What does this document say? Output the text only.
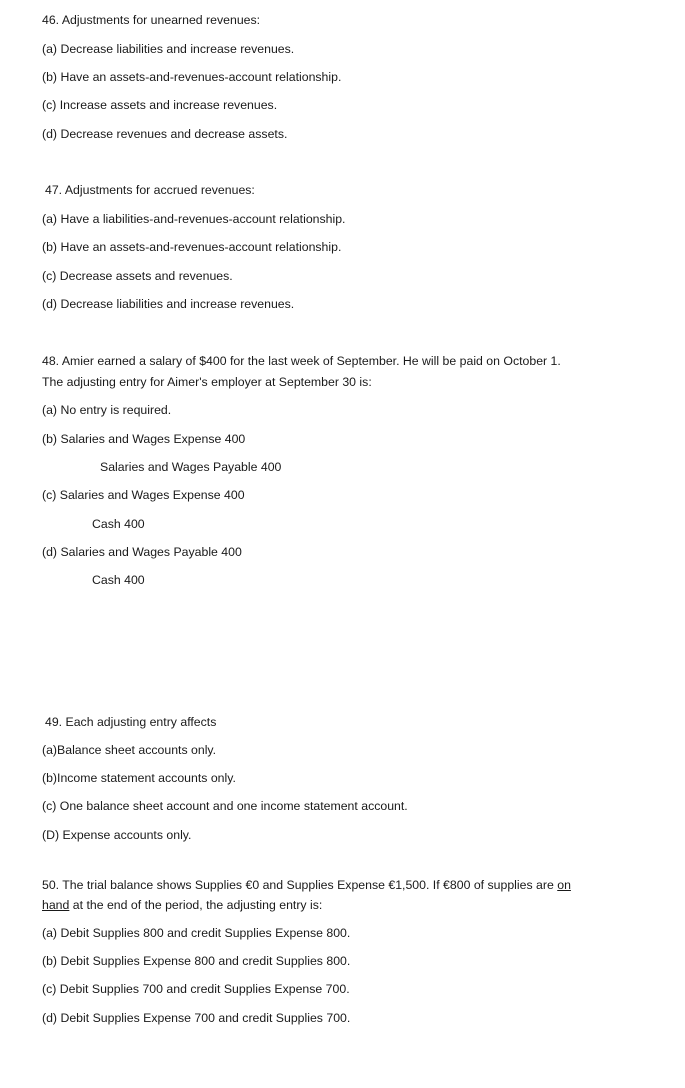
46. Adjustments for unearned revenues:
(a) Decrease liabilities and increase revenues.
(b) Have an assets-and-revenues-account relationship.
(c) Increase assets and increase revenues.
(d) Decrease revenues and decrease assets.
47. Adjustments for accrued revenues:
(a) Have a liabilities-and-revenues-account relationship.
(b) Have an assets-and-revenues-account relationship.
(c) Decrease assets and revenues.
(d) Decrease liabilities and increase revenues.
48. Amier earned a salary of $400 for the last week of September. He will be paid on October 1.
The adjusting entry for Aimer's employer at September 30 is:
(a) No entry is required.
(b) Salaries and Wages Expense 400
Salaries and Wages Payable 400
(c) Salaries and Wages Expense 400
Cash 400
(d) Salaries and Wages Payable 400
Cash 400
49. Each adjusting entry affects
(a)Balance sheet accounts only.
(b)Income statement accounts only.
(c) One balance sheet account and one income statement account.
(D) Expense accounts only.
50. The trial balance shows Supplies €0 and Supplies Expense €1,500. If €800 of supplies are on
hand at the end of the period, the adjusting entry is:
(a) Debit Supplies 800 and credit Supplies Expense 800.
(b) Debit Supplies Expense 800 and credit Supplies 800.
(c) Debit Supplies 700 and credit Supplies Expense 700.
(d) Debit Supplies Expense 700 and credit Supplies 700.
